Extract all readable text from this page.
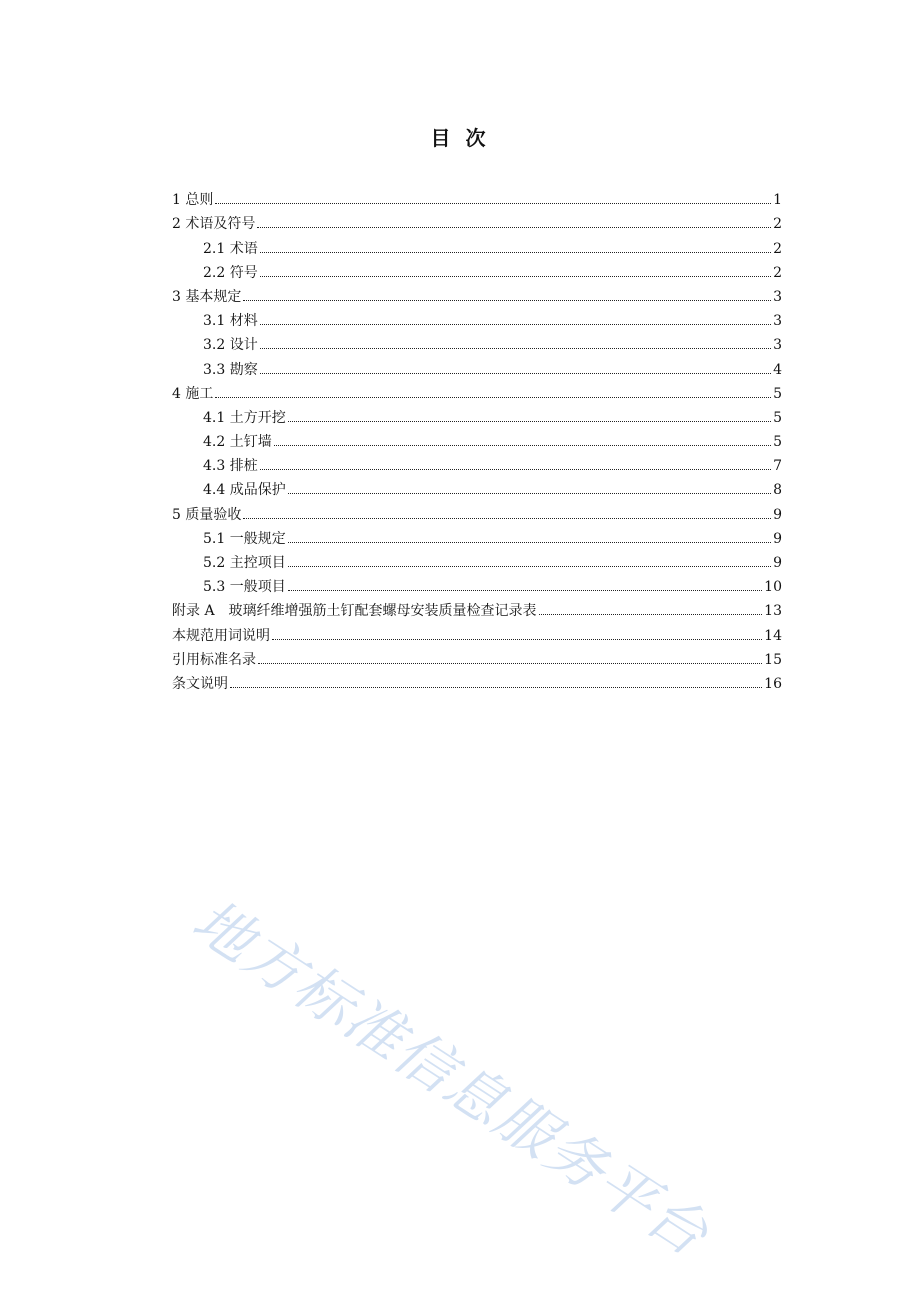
目 次
1 总则	1
2 术语及符号	2
2.1 术语	2
2.2 符号	2
3 基本规定	3
3.1 材料	3
3.2 设计	3
3.3 勘察	4
4 施工	5
4.1 土方开挖	5
4.2 土钉墙	5
4.3 排桩	7
4.4 成品保护	8
5 质量验收	9
5.1 一般规定	9
5.2 主控项目	9
5.3 一般项目	10
附录 A　玻璃纤维增强筋土钉配套螺母安装质量检查记录表	13
本规范用词说明	14
引用标准名录	15
条文说明	16
地方标准信息服务平台
